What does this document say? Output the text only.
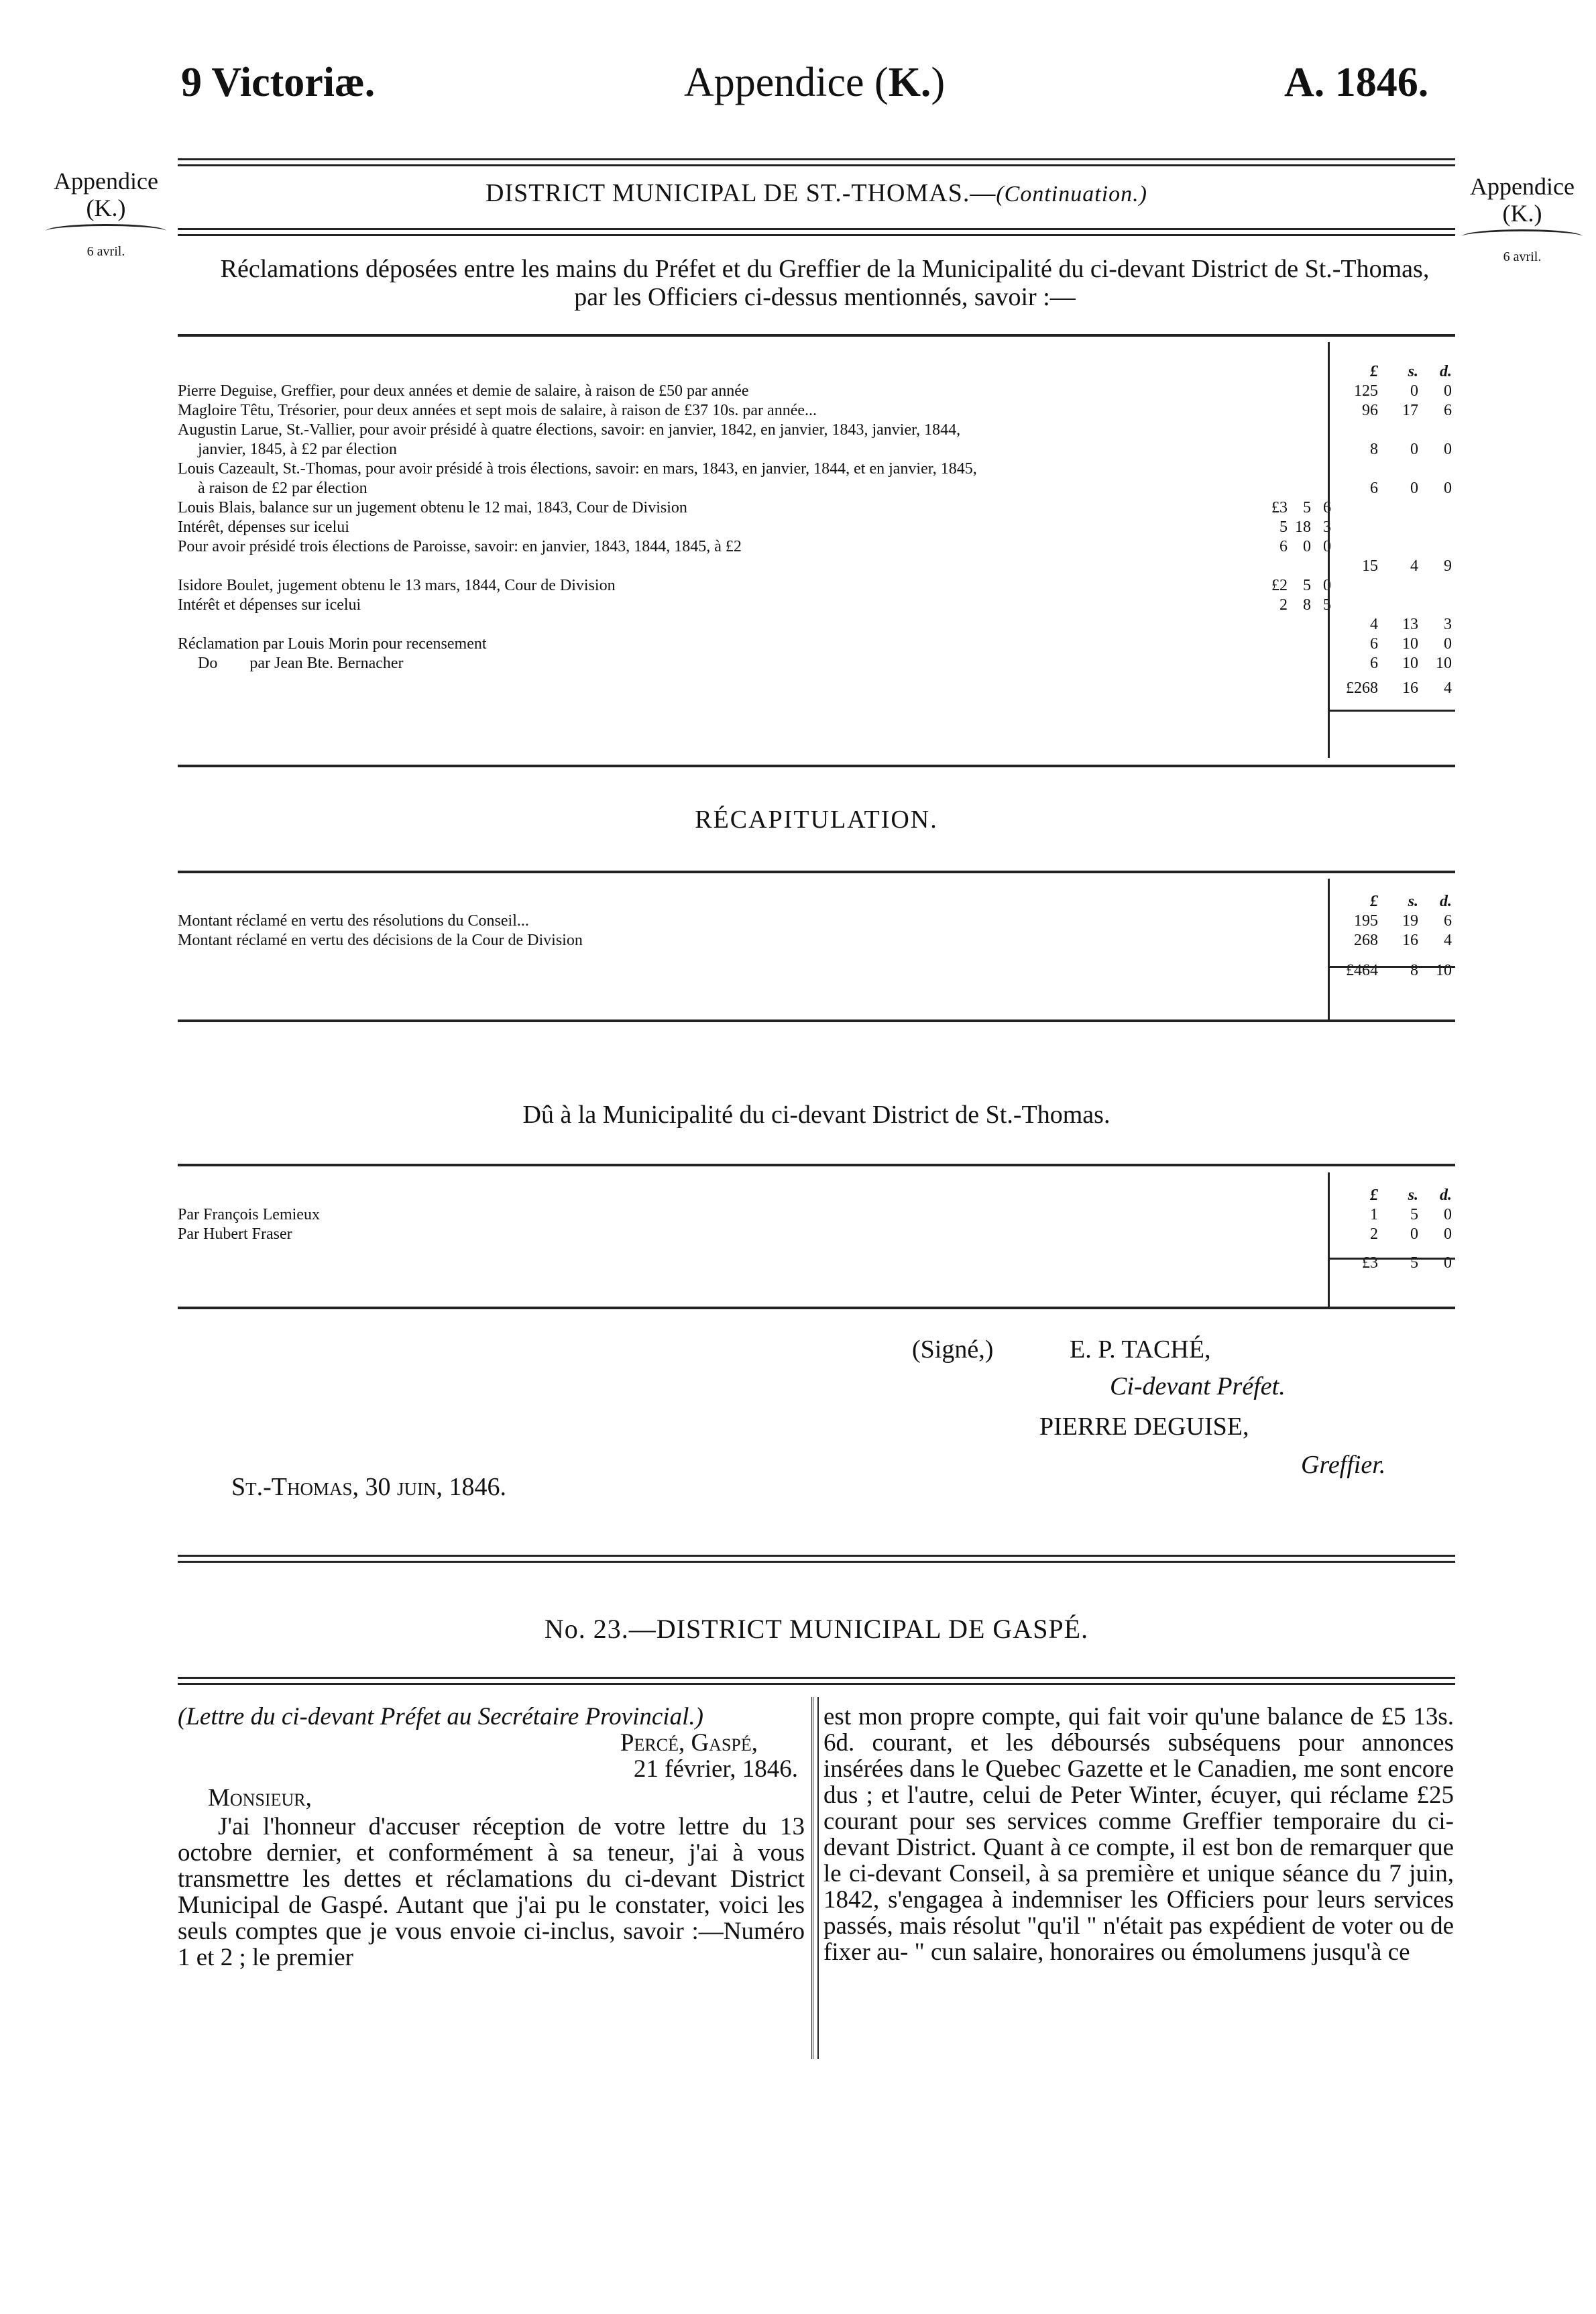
9 Victoriæ.	Appendice (K.)	A. 1846.
Appendice
(K.)
6 avril.
Appendice
(K.)
6 avril.
DISTRICT MUNICIPAL DE ST.-THOMAS.—(Continuation.)
Réclamations déposées entre les mains du Préfet et du Greffier de la Municipalité du ci-devant District de St.-Thomas, par les Officiers ci-dessus mentionnés, savoir :—
£	s.	d.
Pierre Deguise, Greffier, pour deux années et demie de salaire, à raison de £50 par année	125	0	0
Magloire Têtu, Trésorier, pour deux années et sept mois de salaire, à raison de £37 10s. par année...	96	17	6
Augustin Larue, St.-Vallier, pour avoir présidé à quatre élections, savoir: en janvier, 1842, en janvier, 1843, janvier, 1844,
janvier, 1845, à £2 par élection	8	0	0
Louis Cazeault, St.-Thomas, pour avoir présidé à trois élections, savoir: en mars, 1843, en janvier, 1844, et en janvier, 1845,
à raison de £2 par élection	6	0	0
Louis Blais, balance sur un jugement obtenu le 12 mai, 1843, Cour de Division	£3 5 6
Intérêt, dépenses sur icelui	5 18 3
Pour avoir présidé trois élections de Paroisse, savoir: en janvier, 1843, 1844, 1845, à £2	6 0 0
15	4	9
Isidore Boulet, jugement obtenu le 13 mars, 1844, Cour de Division	£2 5 0
Intérêt et dépenses sur icelui	2 8 5
4	13	3
Réclamation par Louis Morin pour recensement	6	10	0
Do        par Jean Bte. Bernacher	6	10	10
£268	16	4
RÉCAPITULATION.
£	s.	d.
Montant réclamé en vertu des résolutions du Conseil...	195	19	6
Montant réclamé en vertu des décisions de la Cour de Division	268	16	4
£464	8	10
Dû à la Municipalité du ci-devant District de St.-Thomas.
£	s.	d.
Par François Lemieux	1	5	0
Par Hubert Fraser	2	0	0
£3	5	0
(Signé,)	E. P. TACHÉ,
Ci-devant Préfet.
PIERRE DEGUISE,
Greffier.
St.-Thomas, 30 juin, 1846.
No. 23.—DISTRICT MUNICIPAL DE GASPÉ.

(Lettre du ci-devant Préfet au Secrétaire Provincial.)

Percé, Gaspé,

21 février, 1846.

Monsieur,

J'ai l'honneur d'accuser réception de votre lettre du 13 octobre dernier, et conformément à sa teneur, j'ai à vous transmettre les dettes et réclamations du ci-devant District Municipal de Gaspé. Autant que j'ai pu le constater, voici les seuls comptes que je vous envoie ci-inclus, savoir :—Numéro 1 et 2 ; le premier

est mon propre compte, qui fait voir qu'une balance de £5 13s. 6d. courant, et les déboursés subséquens pour annonces insérées dans le Quebec Gazette et le Canadien, me sont encore dus ; et l'autre, celui de Peter Winter, écuyer, qui réclame £25 courant pour ses services comme Greffier temporaire du ci-devant District. Quant à ce compte, il est bon de remarquer que le ci-devant Conseil, à sa première et unique séance du 7 juin, 1842, s'engagea à indemniser les Officiers pour leurs services passés, mais résolut "qu'il " n'était pas expédient de voter ou de fixer au- " cun salaire, honoraires ou émolumens jusqu'à ce
